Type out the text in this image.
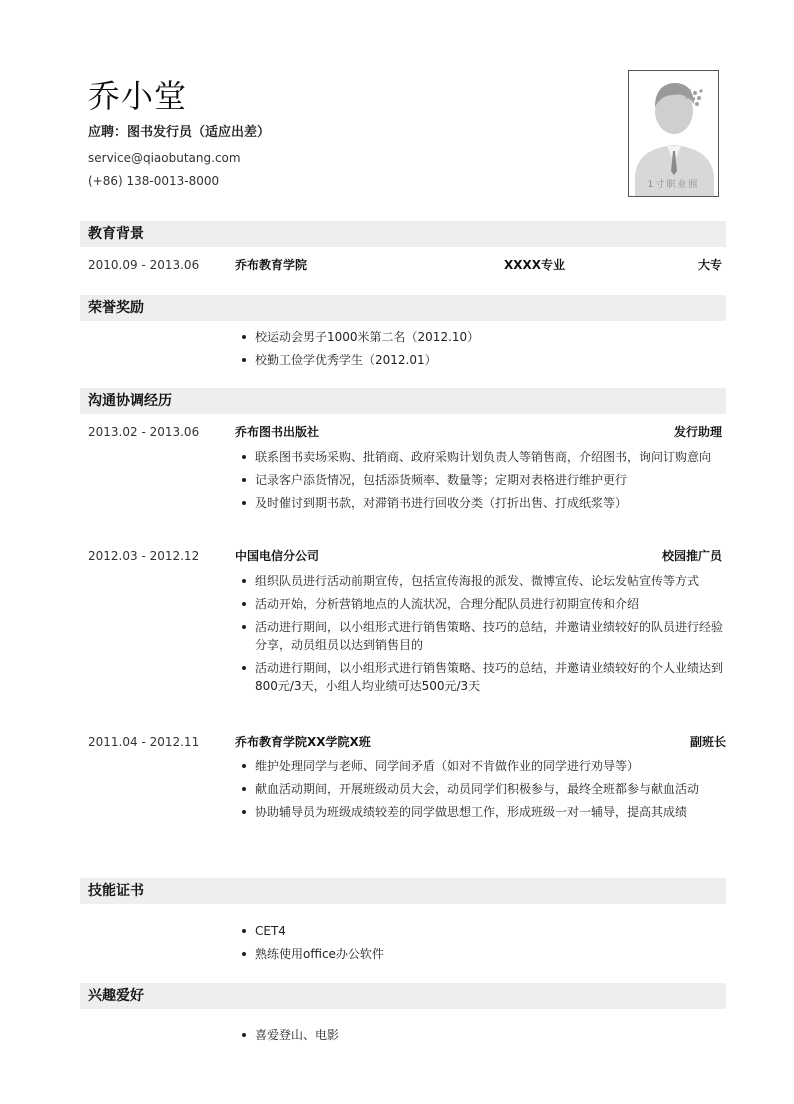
乔小堂
应聘：图书发行员（适应出差）
service@qiaobutang.com
(+86) 138-0013-8000	1寸职业照
教育背景
2010.09 - 2013.06	乔布教育学院	XXXX专业	大专
荣誉奖励
校运动会男子1000米第二名（2012.10）
校勤工俭学优秀学生（2012.01）
沟通协调经历
2013.02 - 2013.06	乔布图书出版社	发行助理
联系图书卖场采购、批销商、政府采购计划负责人等销售商，介绍图书，询问订购意向
记录客户添货情况，包括添货频率、数量等；定期对表格进行维护更行
及时催讨到期书款，对滞销书进行回收分类（打折出售、打成纸浆等）
2012.03 - 2012.12	中国电信分公司	校园推广员
组织队员进行活动前期宣传，包括宣传海报的派发、微博宣传、论坛发帖宣传等方式
活动开始，分析营销地点的人流状况，合理分配队员进行初期宣传和介绍
活动进行期间，以小组形式进行销售策略、技巧的总结，并邀请业绩较好的队员进行经验分享，动员组员以达到销售目的
活动进行期间，以小组形式进行销售策略、技巧的总结，并邀请业绩较好的个人业绩达到800元/3天，小组人均业绩可达500元/3天
2011.04 - 2012.11	乔布教育学院XX学院X班	副班长
维护处理同学与老师、同学间矛盾（如对不肯做作业的同学进行劝导等）
献血活动期间，开展班级动员大会，动员同学们积极参与，最终全班都参与献血活动
协助辅导员为班级成绩较差的同学做思想工作，形成班级一对一辅导，提高其成绩
技能证书
CET4
熟练使用office办公软件
兴趣爱好
喜爱登山、电影
